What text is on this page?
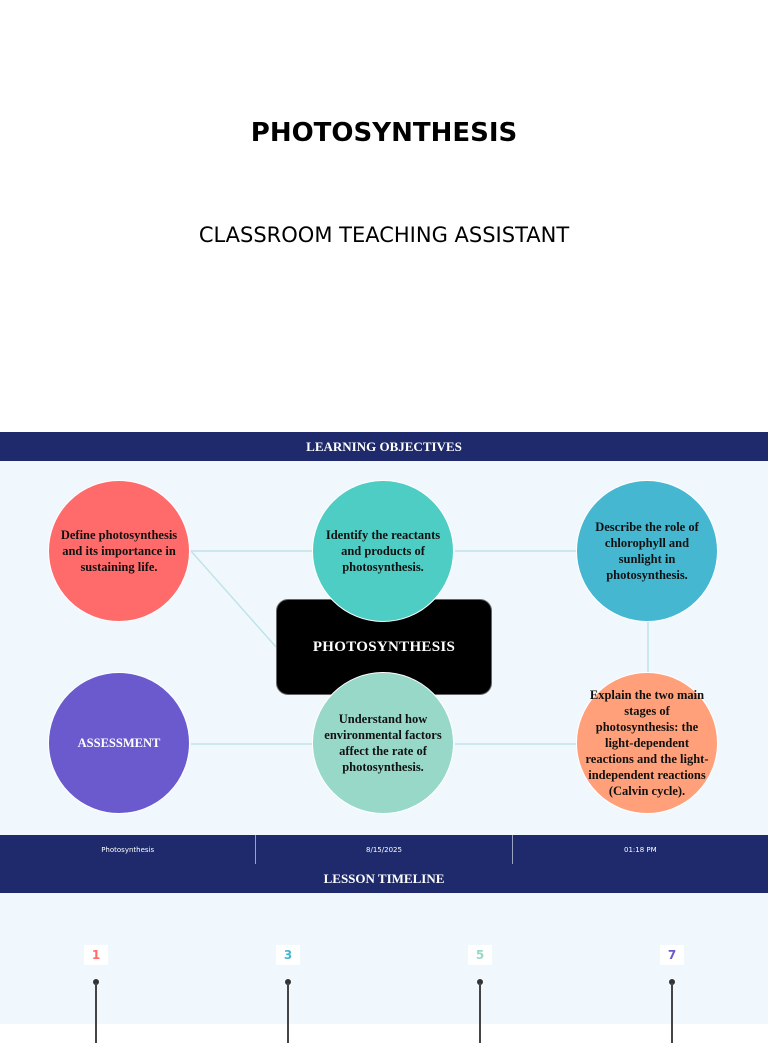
PHOTOSYNTHESIS
CLASSROOM TEACHING ASSISTANT
LEARNING OBJECTIVES
PHOTOSYNTHESIS
Define photosynthesis and its importance in sustaining life.
Identify the reactants and products of photosynthesis.
Describe the role of chlorophyll and sunlight in photosynthesis.
ASSESSMENT
Understand how environmental factors affect the rate of photosynthesis.
Explain the two main stages of photosynthesis: the light-dependent reactions and the light-independent reactions (Calvin cycle).
Photosynthesis	8/15/2025	01:18 PM
LESSON TIMELINE
1	3	5	7
